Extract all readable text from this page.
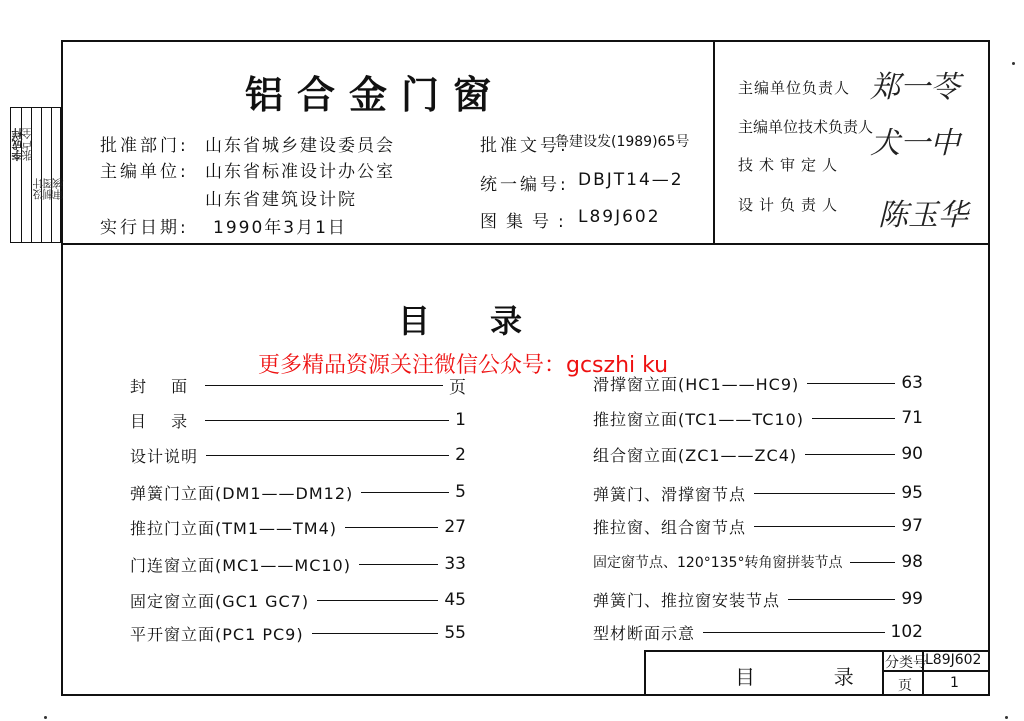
李成样
张卢全
设计
制图
审核
铝合金门窗
批准部门: 山东省城乡建设委员会
主编单位: 山东省标准设计办公室
山东省建筑设计院
实行日期: 1990年3月1日
批准文号:
鲁建设发(1989)65号
统一编号: DBJT14—2
图集号: L89J602
主编单位负责人 郑一苓
主编单位技术负责人
犬一中
技术审定人
设计负责人 陈玉华
目录
更多精品资源关注微信公众号：gcszhi ku
封 面	页
目 录	1
设计说明	2
弹簧门立面(DM1——DM12)	5
推拉门立面(TM1——TM4)	27
门连窗立面(MC1——MC10)	33
固定窗立面(GC1 GC7)	45
平开窗立面(PC1 PC9)	55
滑撑窗立面(HC1——HC9)	63
推拉窗立面(TC1——TC10)	71
组合窗立面(ZC1——ZC4)	90
弹簧门、滑撑窗节点	95
推拉窗、组合窗节点	97
固定窗节点、120°135°转角窗拼装节点	98
弹簧门、推拉窗安装节点	99
型材断面示意	102
目  录
分类号
L89J602
页	1
